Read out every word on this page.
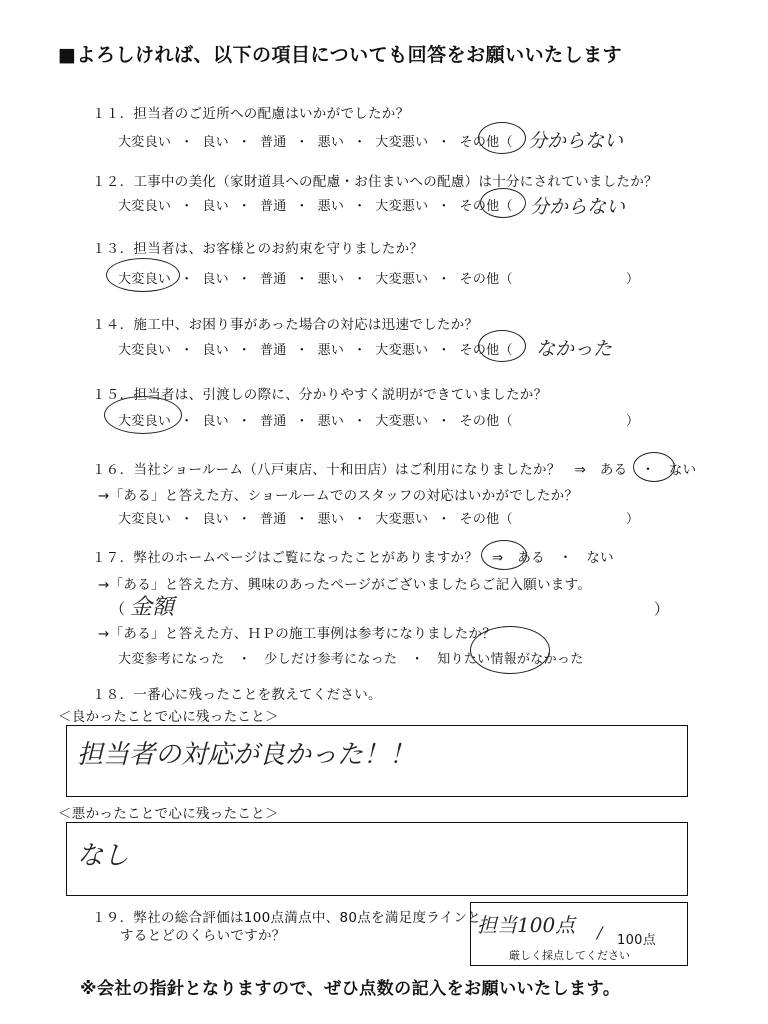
■よろしければ、以下の項目についても回答をお願いいたします
１１．担当者のご近所への配慮はいかがでしたか？
大変良い ・ 良い ・ 普通 ・ 悪い ・ 大変悪い ・ その他（ 分からない
１２．工事中の美化（家財道具への配慮・お住まいへの配慮）は十分にされていましたか？
大変良い ・ 良い ・ 普通 ・ 悪い ・ 大変悪い ・ その他（ 分からない
１３．担当者は、お客様とのお約束を守りましたか？
大変良い ・ 良い ・ 普通 ・ 悪い ・ 大変悪い ・ その他（	）
１４．施工中、お困り事があった場合の対応は迅速でしたか？
大変良い ・ 良い ・ 普通 ・ 悪い ・ 大変悪い ・ その他（ なかった
１５．担当者は、引渡しの際に、分かりやすく説明ができていましたか？
大変良い ・ 良い ・ 普通 ・ 悪い ・ 大変悪い ・ その他（	）
１６．当社ショールーム（八戸東店、十和田店）はご利用になりましたか？　⇒　ある　・　ない
→「ある」と答えた方、ショールームでのスタッフの対応はいかがでしたか？
大変良い ・ 良い ・ 普通 ・ 悪い ・ 大変悪い ・ その他（	）
１７．弊社のホームページはご覧になったことがありますか？　⇒　ある　・　ない
→「ある」と答えた方、興味のあったページがございましたらご記入願います。
（ 金額	）
→「ある」と答えた方、ＨＰの施工事例は参考になりましたか？
大変参考になった　・　少しだけ参考になった　・　知りたい情報がなかった
１８．一番心に残ったことを教えてください。
＜良かったことで心に残ったこと＞
担当者の対応が良かった！！
＜悪かったことで心に残ったこと＞
なし
１９．弊社の総合評価は100点満点中、80点を満足度ラインと
するとどのくらいですか？	担当100点 / 100点
厳しく採点してください
※会社の指針となりますので、ぜひ点数の記入をお願いいたします。
